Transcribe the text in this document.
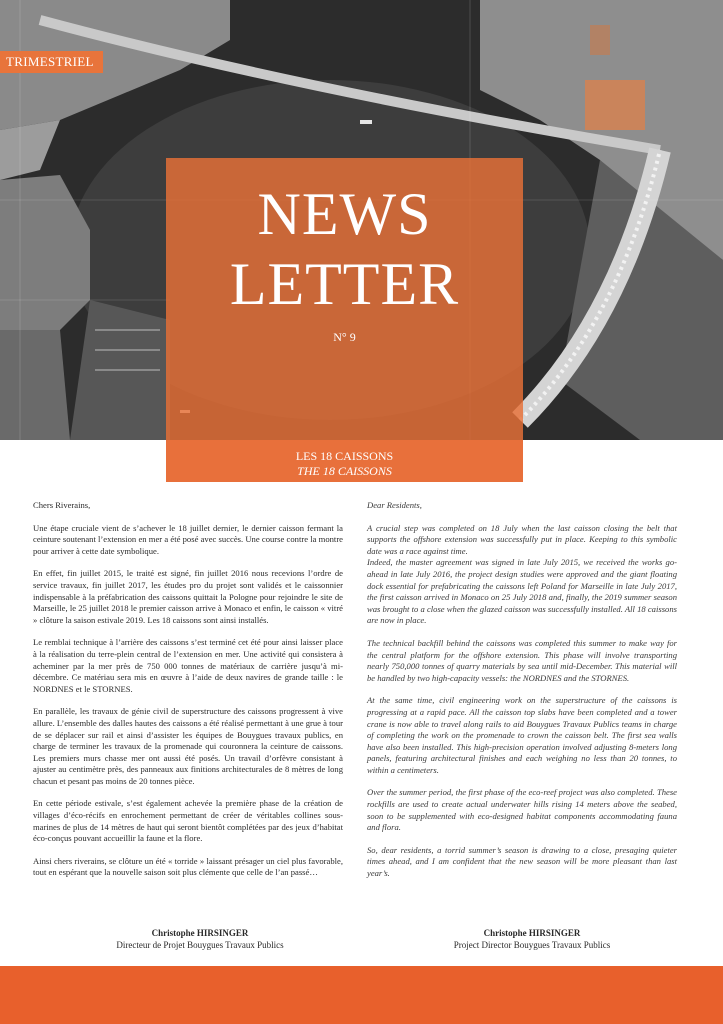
TRIMESTRIEL
NEWS
LETTER
N° 9
LES 18 CAISSONS
THE 18 CAISSONS

Chers Riverains,

Une étape cruciale vient de s’achever le 18 juillet dernier, le dernier caisson fermant la ceinture soutenant l’extension en mer a été posé avec succès. Une course contre la montre pour arriver à cette date symbolique.

En effet, fin juillet 2015, le traité est signé, fin juillet 2016 nous recevions l’ordre de service travaux, fin juillet 2017, les études pro du projet sont validés et le caissonnier indispensable à la préfabrication des caissons quittait la Pologne pour rejoindre le site de Marseille, le 25 juillet 2018 le premier caisson arrive à Monaco et enfin, le caisson « vitré » clôture la saison estivale 2019. Les 18 caissons sont ainsi installés.

Le remblai technique à l’arrière des caissons s’est terminé cet été pour ainsi laisser place à la réalisation du terre-plein central de l’extension en mer. Une activité qui consistera à acheminer par la mer près de 750 000 tonnes de matériaux de carrière jusqu’à mi-décembre. Ce matériau sera mis en œuvre à l’aide de deux navires de grande taille : le NORDNES et le STORNES.

En parallèle, les travaux de génie civil de superstructure des caissons progressent à vive allure. L’ensemble des dalles hautes des caissons a été réalisé permettant à une grue à tour de se déplacer sur rail et ainsi d’assister les équipes de Bouygues travaux publics, en charge de terminer les travaux de la promenade qui couronnera la ceinture de caissons. Les premiers murs chasse mer ont aussi été posés. Un travail d’orfèvre consistant à ajuster au centimètre près, des panneaux aux finitions architecturales de 8 mètres de long chacun et pesant pas moins de 20 tonnes pièce.

En cette période estivale, s’est également achevée la première phase de la création de villages d’éco-récifs en enrochement permettant de créer de véritables collines sous-marines de plus de 14 mètres de haut qui seront bientôt complétées par des jeux d’habitat éco-conçus pouvant accueillir la faune et la flore.

Ainsi chers riverains, se clôture un été « torride » laissant présager un ciel plus favorable, tout en espérant que la nouvelle saison soit plus clémente que celle de l’an passé…

Dear Residents,

A crucial step was completed on 18 July when the last caisson closing the belt that supports the offshore extension was successfully put in place. Keeping to this symbolic date was a race against time.
Indeed, the master agreement was signed in late July 2015, we received the works go-ahead in late July 2016, the project design studies were approved and the giant floating dock essential for prefabricating the caissons left Poland for Marseille in late July 2017, the first caisson arrived in Monaco on 25 July 2018 and, finally, the 2019 summer season was brought to a close when the glazed caisson was successfully installed. All 18 caissons are now in place.

The technical backfill behind the caissons was completed this summer to make way for the central platform for the offshore extension. This phase will involve transporting nearly 750,000 tonnes of quarry materials by sea until mid-December. This material will be handled by two high-capacity vessels: the NORDNES and the STORNES.

At the same time, civil engineering work on the superstructure of the caissons is progressing at a rapid pace. All the caisson top slabs have been completed and a tower crane is now able to travel along rails to aid Bouygues Travaux Publics teams in charge of completing the work on the promenade to crown the caisson belt. The first sea walls have also been installed. This high-precision operation involved adjusting 8-meters long panels, featuring architectural finishes and each weighing no less than 20 tonnes, to within a centimeters.

Over the summer period, the first phase of the eco-reef project was also completed. These rockfills are used to create actual underwater hills rising 14 meters above the seabed, soon to be supplemented with eco-designed habitat components accommodating fauna and flora.

So, dear residents, a torrid summer’s season is drawing to a close, presaging quieter times ahead, and I am confident that the new season will be more pleasant than last year’s.

Christophe HIRSINGER
Directeur de Projet Bouygues Travaux Publics
Christophe HIRSINGER
Project Director Bouygues Travaux Publics
